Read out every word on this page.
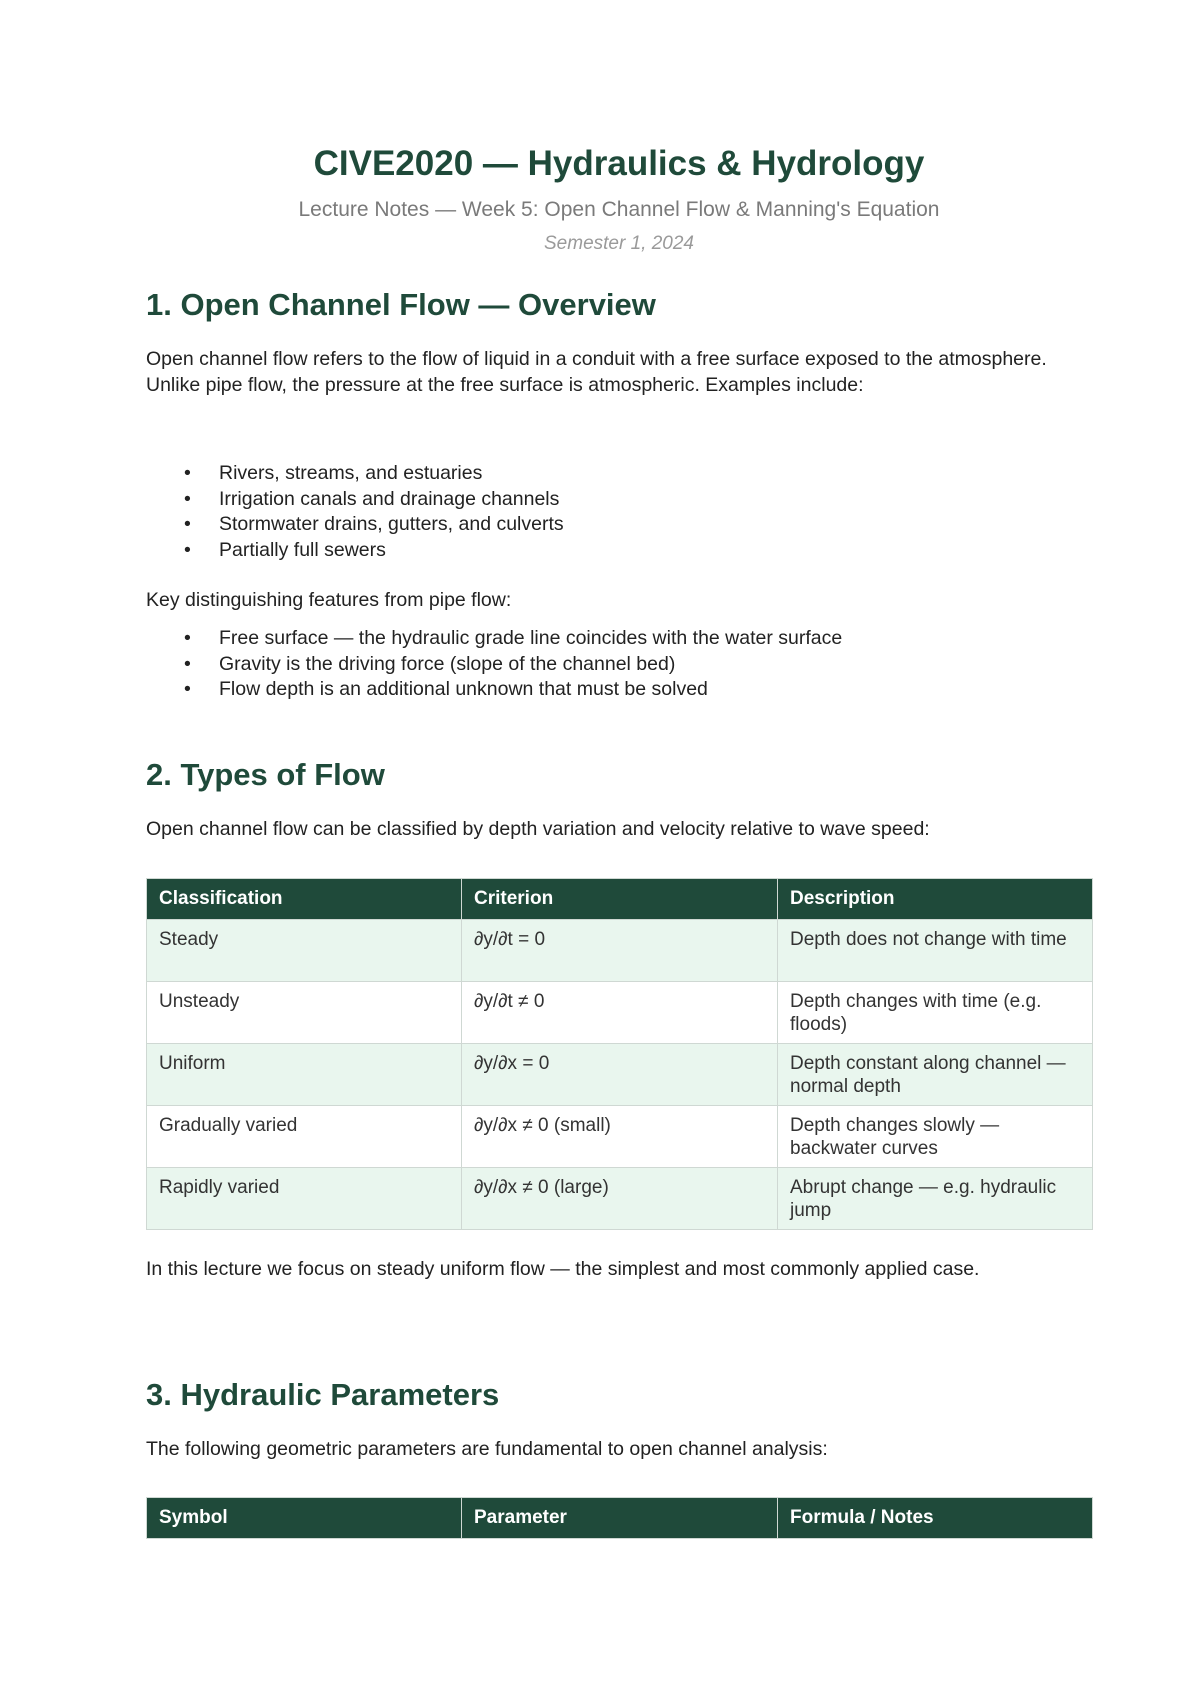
CIVE2020 — Hydraulics & Hydrology
Lecture Notes — Week 5: Open Channel Flow & Manning's Equation
Semester 1, 2024
1. Open Channel Flow — Overview

Open channel flow refers to the flow of liquid in a conduit with a free surface exposed to the atmosphere. Unlike pipe flow, the pressure at the free surface is atmospheric. Examples include:

• Rivers, streams, and estuaries
• Irrigation canals and drainage channels
• Stormwater drains, gutters, and culverts
• Partially full sewers

Key distinguishing features from pipe flow:

• Free surface — the hydraulic grade line coincides with the water surface
• Gravity is the driving force (slope of the channel bed)
• Flow depth is an additional unknown that must be solved
2. Types of Flow

Open channel flow can be classified by depth variation and velocity relative to wave speed:

Classification	Criterion	Description
Steady	∂y/∂t = 0	Depth does not change with time
Unsteady	∂y/∂t ≠ 0	Depth changes with time (e.g. floods)
Uniform	∂y/∂x = 0	Depth constant along channel — normal depth
Gradually varied	∂y/∂x ≠ 0 (small)	Depth changes slowly — backwater curves
Rapidly varied	∂y/∂x ≠ 0 (large)	Abrupt change — e.g. hydraulic jump

In this lecture we focus on steady uniform flow — the simplest and most commonly applied case.

3. Hydraulic Parameters

The following geometric parameters are fundamental to open channel analysis:

Symbol	Parameter	Formula / Notes
